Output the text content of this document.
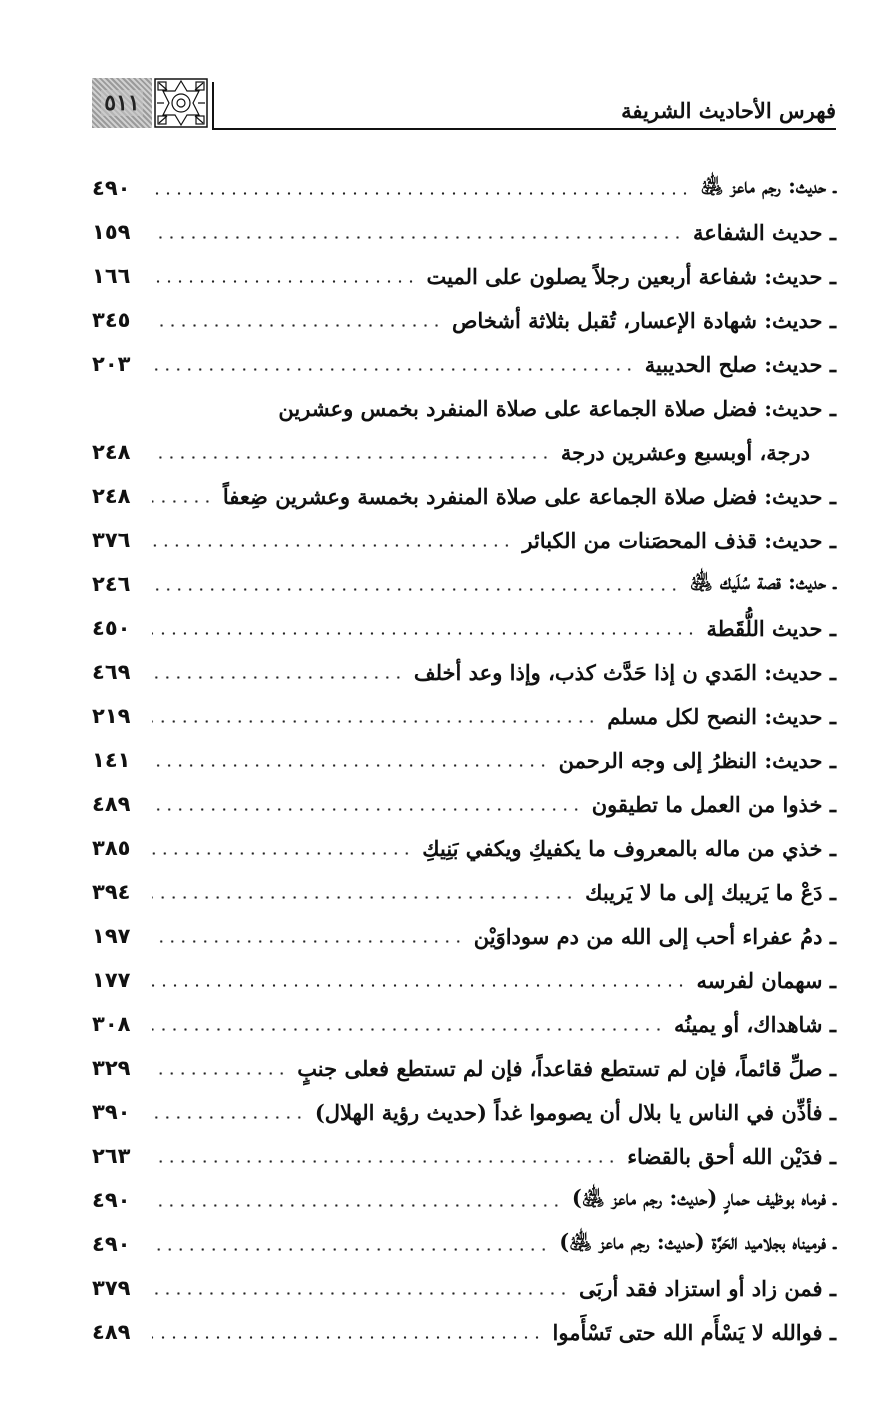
فهرس الأحاديث الشريفة
٥١١
ـ حديث: رجم ماعز ﵁
٤٩٠
ـ حديث الشفاعة
١٥٩
ـ حديث: شفاعة أربعين رجلاً يصلون على الميت
١٦٦
ـ حديث: شهادة الإعسار، تُقبل بثلاثة أشخاص
٣٤٥
ـ حديث: صلح الحديبية
٢٠٣
ـ حديث: فضل صلاة الجماعة على صلاة المنفرد بخمس وعشرين
درجة، أوبسبع وعشرين درجة
٢٤٨
ـ حديث: فضل صلاة الجماعة على صلاة المنفرد بخمسة وعشرين ضِعفاً
٢٤٨
ـ حديث: قذف المحصَنات من الكبائر
٣٧٦
ـ حديث: قصة سُلَيك ﵁
٢٤٦
ـ حديث اللُّقَطة
٤٥٠
ـ حديث: المَدي ن إذا حَدَّث كذب، وإذا وعد أخلف
٤٦٩
ـ حديث: النصح لكل مسلم
٢١٩
ـ حديث: النظرُ إلى وجه الرحمن
١٤١
ـ خذوا من العمل ما تطيقون
٤٨٩
ـ خذي من ماله بالمعروف ما يكفيكِ ويكفي بَنِيكِ
٣٨٥
ـ دَعْ ما يَريبك إلى ما لا يَريبك
٣٩٤
ـ دمُ عفراء أحب إلى الله من دم سوداوَيْن
١٩٧
ـ سهمان لفرسه
١٧٧
ـ شاهداك، أو يمينُه
٣٠٨
ـ صلِّ قائماً، فإن لم تستطع فقاعداً، فإن لم تستطع فعلى جنبٍ
٣٢٩
ـ فأذِّن في الناس يا بلال أن يصوموا غداً (حديث رؤية الهلال)
٣٩٠
ـ فدَيْن الله أحق بالقضاء
٢٦٣
ـ فرماه بوظيف حمارٍ (حديث: رجم ماعز ﵁)
٤٩٠
ـ فرميناه بجلاميد الحَرَّة (حديث: رجم ماعز ﵁)
٤٩٠
ـ فمن زاد أو استزاد فقد أربَى
٣٧٩
ـ فوالله لا يَسْأَم الله حتى تَسْأَموا
٤٨٩
